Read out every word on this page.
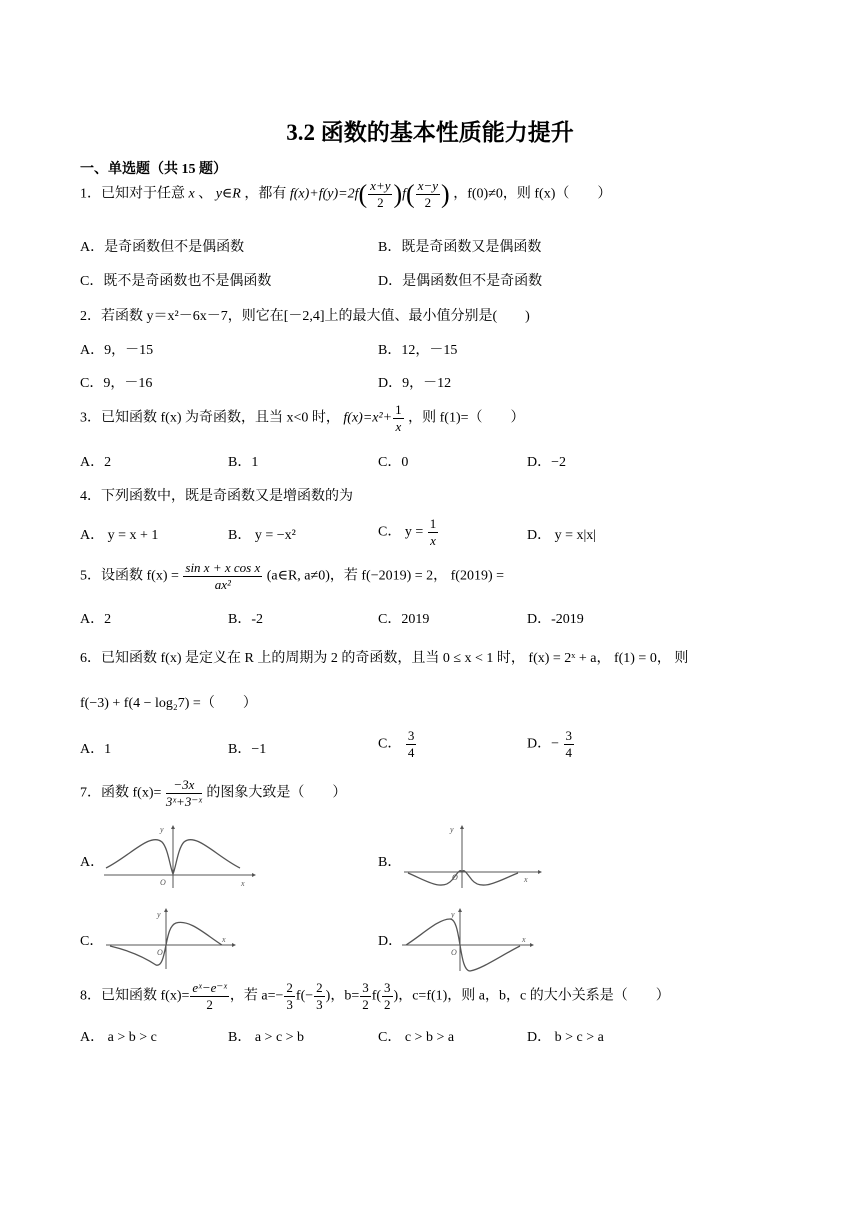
3.2 函数的基本性质能力提升
一、单选题（共 15 题）
1．已知对于任意 x 、 y∈R ，都有 $f(x)+f(y)=2f( \frac{x+y}{2} )f( \frac{x-y}{2}$ ) ，f(0)≠0，则 f(x)（　　）
A．是奇函数但不是偶函数	B．既是奇函数又是偶函数
C．既不是奇函数也不是偶函数	D．是偶函数但不是奇函数
2．若函数 y＝x²－6x－7，则它在[－2,4]上的最大值、最小值分别是(　　)
A．9，－15	B．12，－15
C．9，－16	D．9，－12
3．已知函数 f(x) 为奇函数，且当 x<0 时， $f(x)=x^2+ \frac{1}{x}$ ，则 f(1)=（　　）
A．2	B．1	C．0	D．−2
4．下列函数中，既是奇函数又是增函数的为
A． y = x + 1	B． y = −x²	C． $y = \frac{1}{x}$	D． y = x|x|
5．设函数 $f(x) = \frac{\text{sin x + x cos x}}{\text{ax²}}$ (a∈R, a≠0)，若 f(−2019) = 2， f(2019) =
A．2	B．-2	C．2019	D．-2019
6．已知函数 f(x) 是定义在 R 上的周期为 2 的奇函数，且当 0 ≤ x < 1 时， f(x) = 2ˣ + a， f(1) = 0， 则
f(−3) + f(4 − log₂7) =（　　）
A．1	B．−1	C． $\frac{3}{4}$	D．− $\frac{3}{4}$
7．函数 $f(x)= \frac{-3x}{\text{3ˣ+3⁻ˣ}}$ 的图象大致是（　　）
A．
y
x
O
B．
y
x
O
C．
y
x
O
D．
y
x
O
8．已知函数 $f(x)= \frac{\text{eˣ−e⁻ˣ}}{2}$ ，若 $a=- \frac{2}{3} f(- \frac{2}{3}$ )，$b= \frac{3}{2} f( \frac{3}{2}$ )，c=f(1)，则 a，b，c 的大小关系是（　　）
A． a > b > c	B． a > c > b	C． c > b > a	D． b > c > a
